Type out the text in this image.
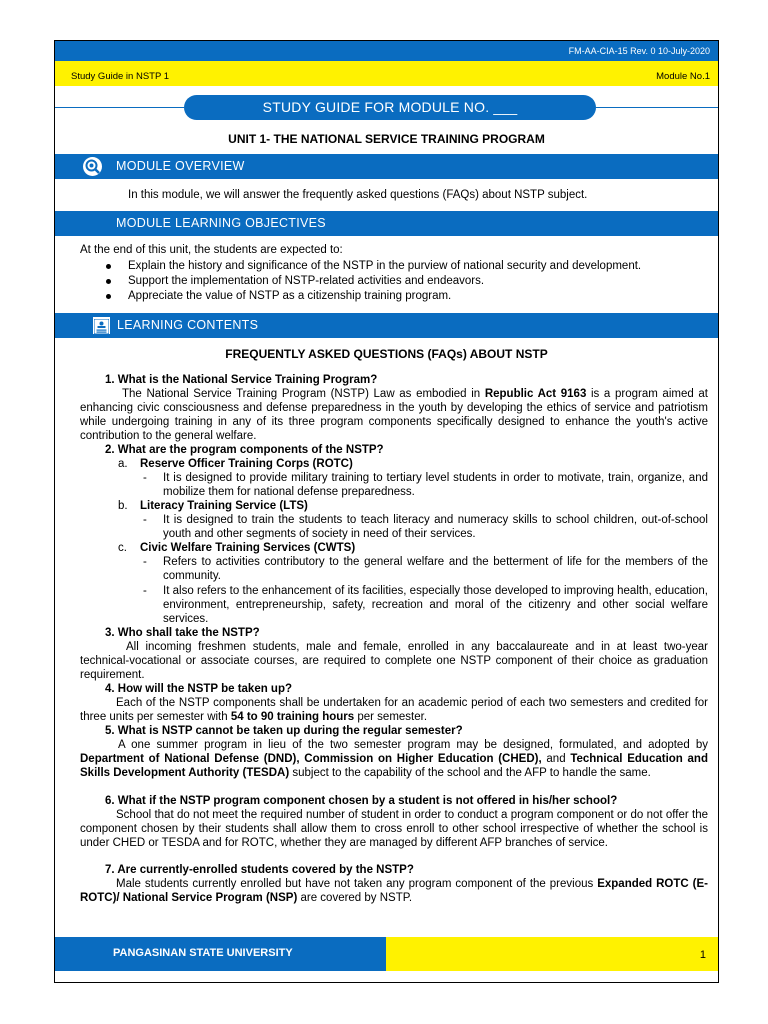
FM-AA-CIA-15 Rev. 0 10-July-2020
Study Guide in NSTP 1	Module No.1
STUDY GUIDE FOR MODULE NO. ___
UNIT 1- THE NATIONAL SERVICE TRAINING PROGRAM
MODULE OVERVIEW
In this module, we will answer the frequently asked questions (FAQs) about NSTP subject.
MODULE LEARNING OBJECTIVES
At the end of this unit, the students are expected to:
Explain the history and significance of the NSTP in the purview of national security and development.
Support the implementation of NSTP-related activities and endeavors.
Appreciate the value of NSTP as a citizenship training program.
LEARNING CONTENTS
FREQUENTLY ASKED QUESTIONS (FAQs) ABOUT NSTP
1. What is the National Service Training Program?
The National Service Training Program (NSTP) Law as embodied in Republic Act 9163 is a program aimed at enhancing civic consciousness and defense preparedness in the youth by developing the ethics of service and patriotism while undergoing training in any of its three program components specifically designed to enhance the youth's active contribution to the general welfare.
2. What are the program components of the NSTP?
a. Reserve Officer Training Corps (ROTC)
- It is designed to provide military training to tertiary level students in order to motivate, train, organize, and mobilize them for national defense preparedness.
b. Literacy Training Service (LTS)
- It is designed to train the students to teach literacy and numeracy skills to school children, out-of-school youth and other segments of society in need of their services.
c. Civic Welfare Training Services (CWTS)
- Refers to activities contributory to the general welfare and the betterment of life for the members of the community.
- It also refers to the enhancement of its facilities, especially those developed to improving health, education, environment, entrepreneurship, safety, recreation and moral of the citizenry and other social welfare services.
3. Who shall take the NSTP?
All incoming freshmen students, male and female, enrolled in any baccalaureate and in at least two-year technical-vocational or associate courses, are required to complete one NSTP component of their choice as graduation requirement.
4. How will the NSTP be taken up?
Each of the NSTP components shall be undertaken for an academic period of each two semesters and credited for three units per semester with 54 to 90 training hours per semester.
5. What is NSTP cannot be taken up during the regular semester?
A one summer program in lieu of the two semester program may be designed, formulated, and adopted by Department of National Defense (DND), Commission on Higher Education (CHED), and Technical Education and Skills Development Authority (TESDA) subject to the capability of the school and the AFP to handle the same.
6. What if the NSTP program component chosen by a student is not offered in his/her school?
School that do not meet the required number of student in order to conduct a program component or do not offer the component chosen by their students shall allow them to cross enroll to other school irrespective of whether the school is under CHED or TESDA and for ROTC, whether they are managed by different AFP branches of service.
7. Are currently-enrolled students covered by the NSTP?
Male students currently enrolled but have not taken any program component of the previous Expanded ROTC (E-ROTC)/ National Service Program (NSP) are covered by NSTP.
PANGASINAN STATE UNIVERSITY	1
